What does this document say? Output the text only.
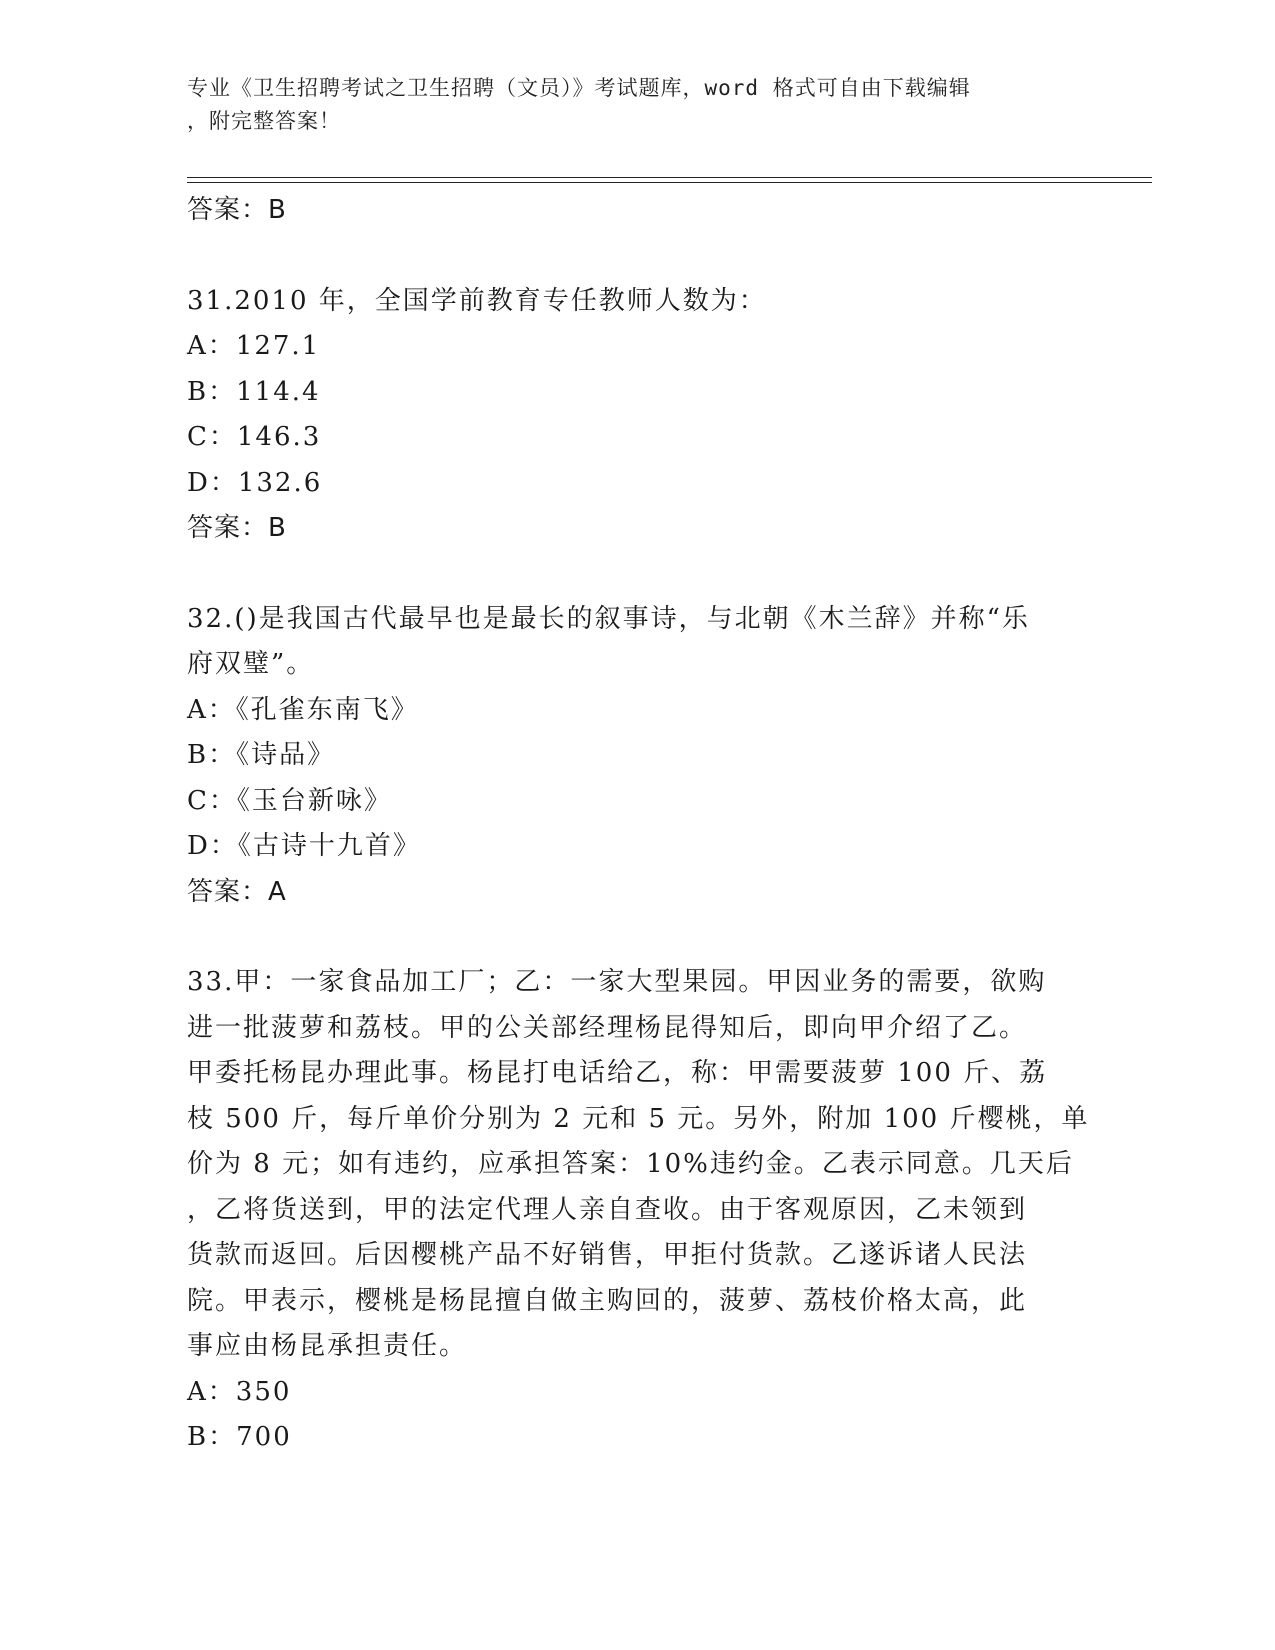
专业《卫生招聘考试之卫生招聘（文员）》考试题库，word 格式可自由下载编辑
，附完整答案！
答案：B
31.2010 年，全国学前教育专任教师人数为：
A：127.1
B：114.4
C：146.3
D：132.6
答案：B
32.()是我国古代最早也是最长的叙事诗，与北朝《木兰辞》并称“乐
府双璧”。
A：《孔雀东南飞》
B：《诗品》
C：《玉台新咏》
D：《古诗十九首》
答案：A
33.甲：一家食品加工厂；乙：一家大型果园。甲因业务的需要，欲购
进一批菠萝和荔枝。甲的公关部经理杨昆得知后，即向甲介绍了乙。
甲委托杨昆办理此事。杨昆打电话给乙，称：甲需要菠萝 100 斤、荔
枝 500 斤，每斤单价分别为 2 元和 5 元。另外，附加 100 斤樱桃，单
价为 8 元；如有违约，应承担答案：10%违约金。乙表示同意。几天后
，乙将货送到，甲的法定代理人亲自查收。由于客观原因，乙未领到
货款而返回。后因樱桃产品不好销售，甲拒付货款。乙遂诉诸人民法
院。甲表示，樱桃是杨昆擅自做主购回的，菠萝、荔枝价格太高，此
事应由杨昆承担责任。
A：350
B：700
